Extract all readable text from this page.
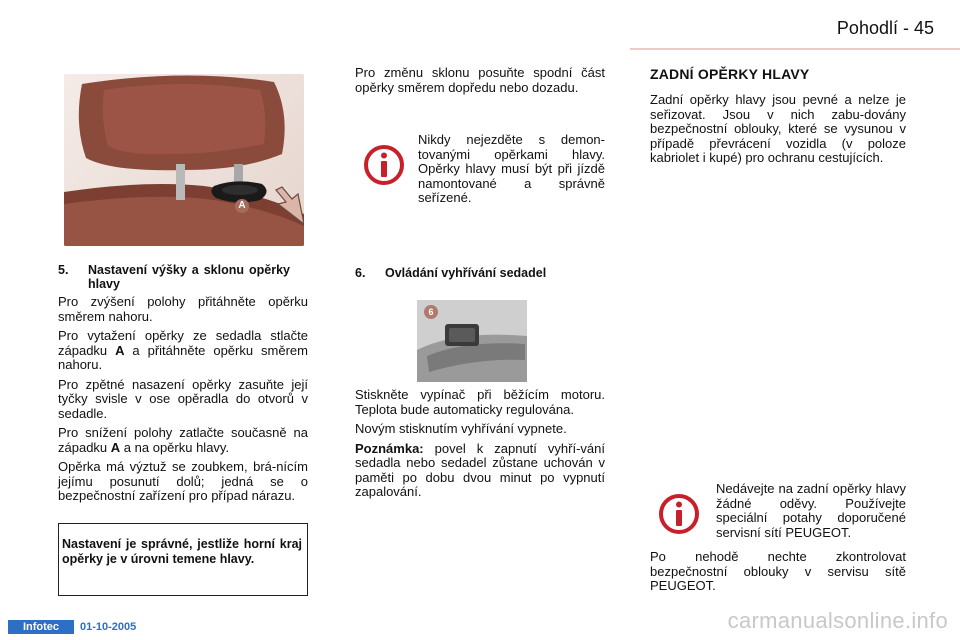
Pohodlí - 45
A
5.	Nastavení výšky a sklonu opěrky hlavy

Pro zvýšení polohy přitáhněte opěrku směrem nahoru.

Pro vytažení opěrky ze sedadla stlačte západku A a přitáhněte opěrku směrem nahoru.

Pro zpětné nasazení opěrky zasuňte její tyčky svisle v ose opěradla do otvorů v sedadle.

Pro snížení polohy zatlačte současně na západku A a na opěrku hlavy.

Opěrka má výztuž se zoubkem, brá-nícím jejímu posunutí dolů; jedná se o bezpečnostní zařízení pro případ nárazu.

Nastavení je správné, jestliže horní kraj opěrky je v úrovni temene hlavy.
Pro změnu sklonu posuňte spodní část opěrky směrem dopředu nebo dozadu.
Nikdy nejezděte s demon-tovanými opěrkami hlavy. Opěrky hlavy musí být při jízdě namontované a správně seřízené.
6.	Ovládání vyhřívání sedadel
6

Stiskněte vypínač při běžícím motoru. Teplota bude automaticky regulována.

Novým stisknutím vyhřívání vypnete.

Poznámka: povel k zapnutí vyhří-vání sedadla nebo sedadel zůstane uchován v paměti po dobu dvou minut po vypnutí zapalování.

ZADNÍ OPĚRKY HLAVY
Zadní opěrky hlavy jsou pevné a nelze je seřizovat. Jsou v nich zabu-dovány bezpečnostní oblouky, které se vysunou v případě převrácení vozidla (v poloze kabriolet i kupé) pro ochranu cestujících.
Nedávejte na zadní opěrky hlavy žádné oděvy. Používejte speciální potahy doporučené servisní sítí PEUGEOT.
Po nehodě nechte zkontrolovat bezpečnostní oblouky v servisu sítě PEUGEOT.
Infotec	01-10-2005	carmanualsonline.info
